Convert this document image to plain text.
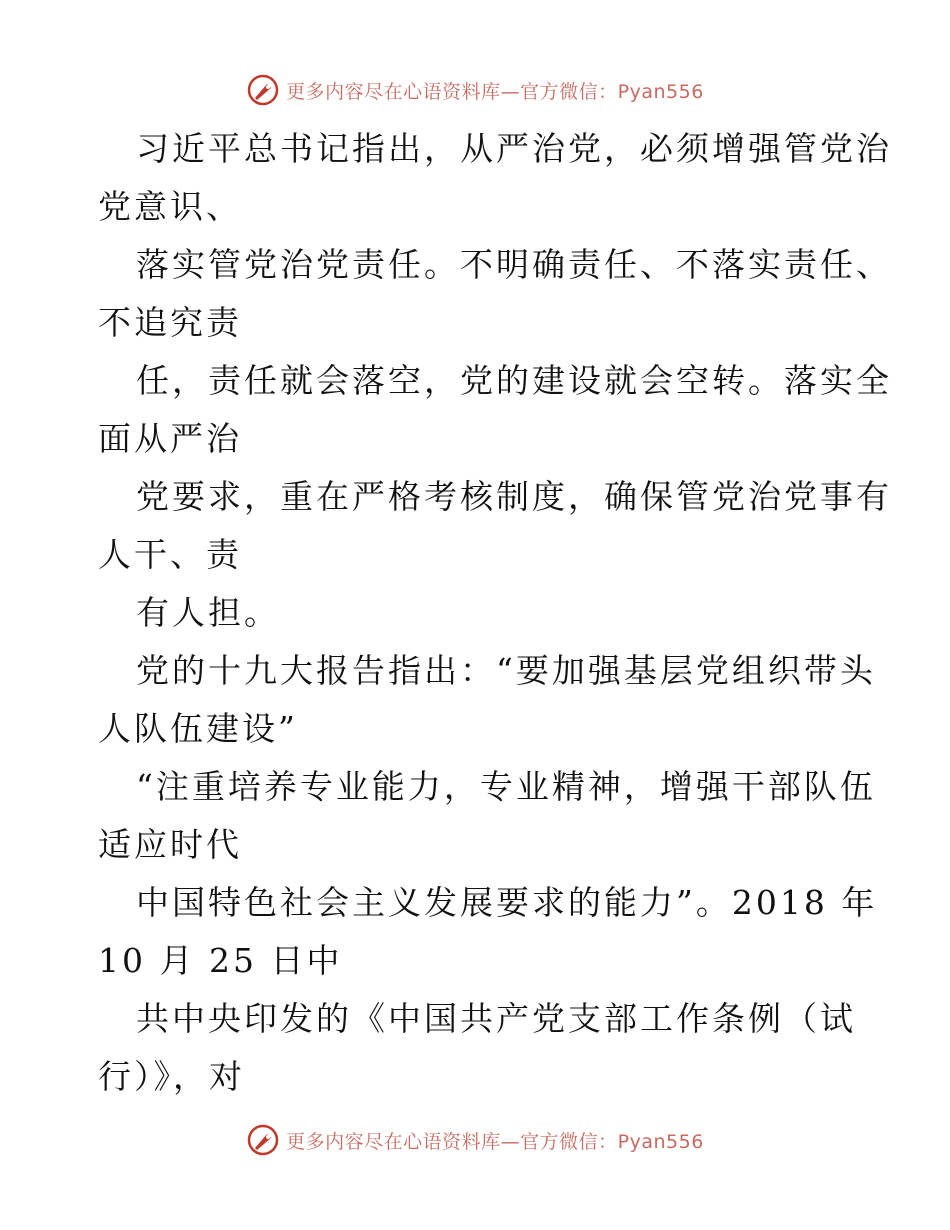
更多内容尽在心语资料库—官方微信：Pyan556
习近平总书记指出，从严治党，必须增强管党治
党意识、
落实管党治党责任。不明确责任、不落实责任、
不追究责
任，责任就会落空，党的建设就会空转。落实全
面从严治
党要求，重在严格考核制度，确保管党治党事有
人干、责
有人担。
党的十九大报告指出：“要加强基层党组织带头
人队伍建设”
“注重培养专业能力，专业精神，增强干部队伍
适应时代
中国特色社会主义发展要求的能力”。2018 年
10 月 25 日中
共中央印发的《中国共产党支部工作条例（试
行）》，对
更多内容尽在心语资料库—官方微信：Pyan556
